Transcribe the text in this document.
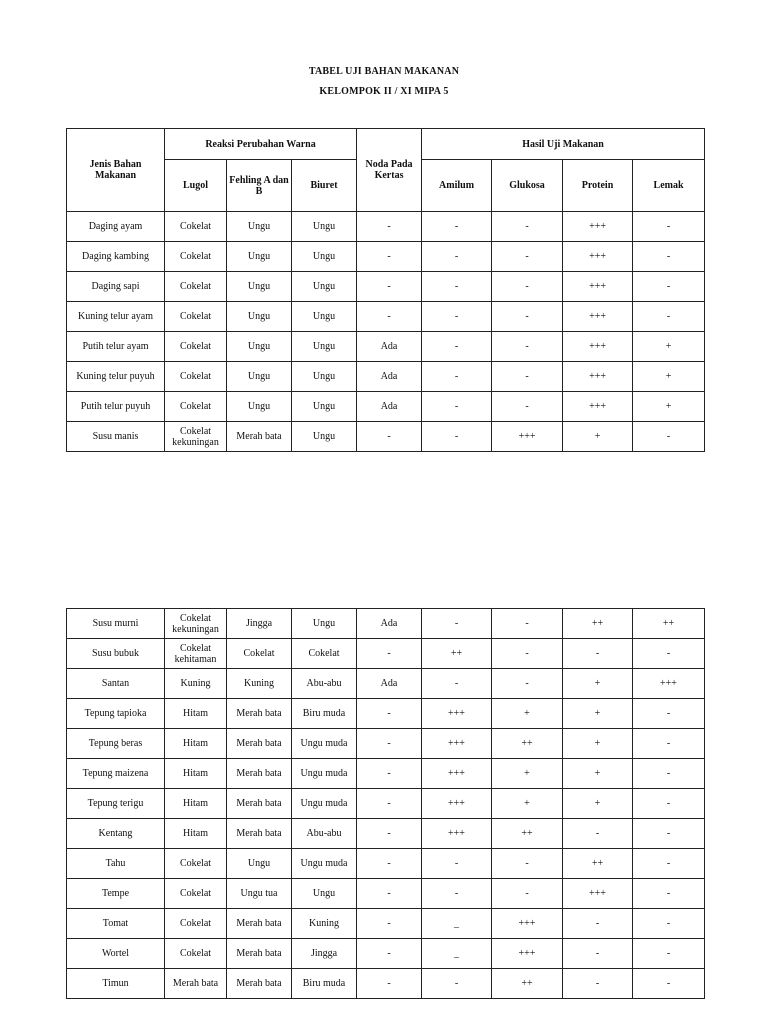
TABEL UJI BAHAN MAKANAN
KELOMPOK II / XI MIPA 5
Jenis Bahan Makanan	Reaksi Perubahan Warna			Noda Pada Kertas	Hasil Uji Makanan			
	Lugol	Fehling A dan B	Biuret		Amilum	Glukosa	Protein	Lemak
Daging ayam	Cokelat	Ungu	Ungu	-	-	-	+++	-
Daging kambing	Cokelat	Ungu	Ungu	-	-	-	+++	-
Daging sapi	Cokelat	Ungu	Ungu	-	-	-	+++	-
Kuning telur ayam	Cokelat	Ungu	Ungu	-	-	-	+++	-
Putih telur ayam	Cokelat	Ungu	Ungu	Ada	-	-	+++	+
Kuning telur puyuh	Cokelat	Ungu	Ungu	Ada	-	-	+++	+
Putih telur puyuh	Cokelat	Ungu	Ungu	Ada	-	-	+++	+
Susu manis	Cokelat kekuningan	Merah bata	Ungu	-	-	+++	+	-
Susu murni	Cokelat kekuningan	Jingga	Ungu	Ada	-	-	++	++
Susu bubuk	Cokelat kehitaman	Cokelat	Cokelat	-	++	-	-	-
Santan	Kuning	Kuning	Abu-abu	Ada	-	-	+	+++
Tepung tapioka	Hitam	Merah bata	Biru muda	-	+++	+	+	-
Tepung beras	Hitam	Merah bata	Ungu muda	-	+++	++	+	-
Tepung maizena	Hitam	Merah bata	Ungu muda	-	+++	+	+	-
Tepung terigu	Hitam	Merah bata	Ungu muda	-	+++	+	+	-
Kentang	Hitam	Merah bata	Abu-abu	-	+++	++	-	-
Tahu	Cokelat	Ungu	Ungu muda	-	-	-	++	-
Tempe	Cokelat	Ungu tua	Ungu	-	-	-	+++	-
Tomat	Cokelat	Merah bata	Kuning	-	_	+++	-	-
Wortel	Cokelat	Merah bata	Jingga	-	_	+++	-	-
Timun	Merah bata	Merah bata	Biru muda	-	-	++	-	-
